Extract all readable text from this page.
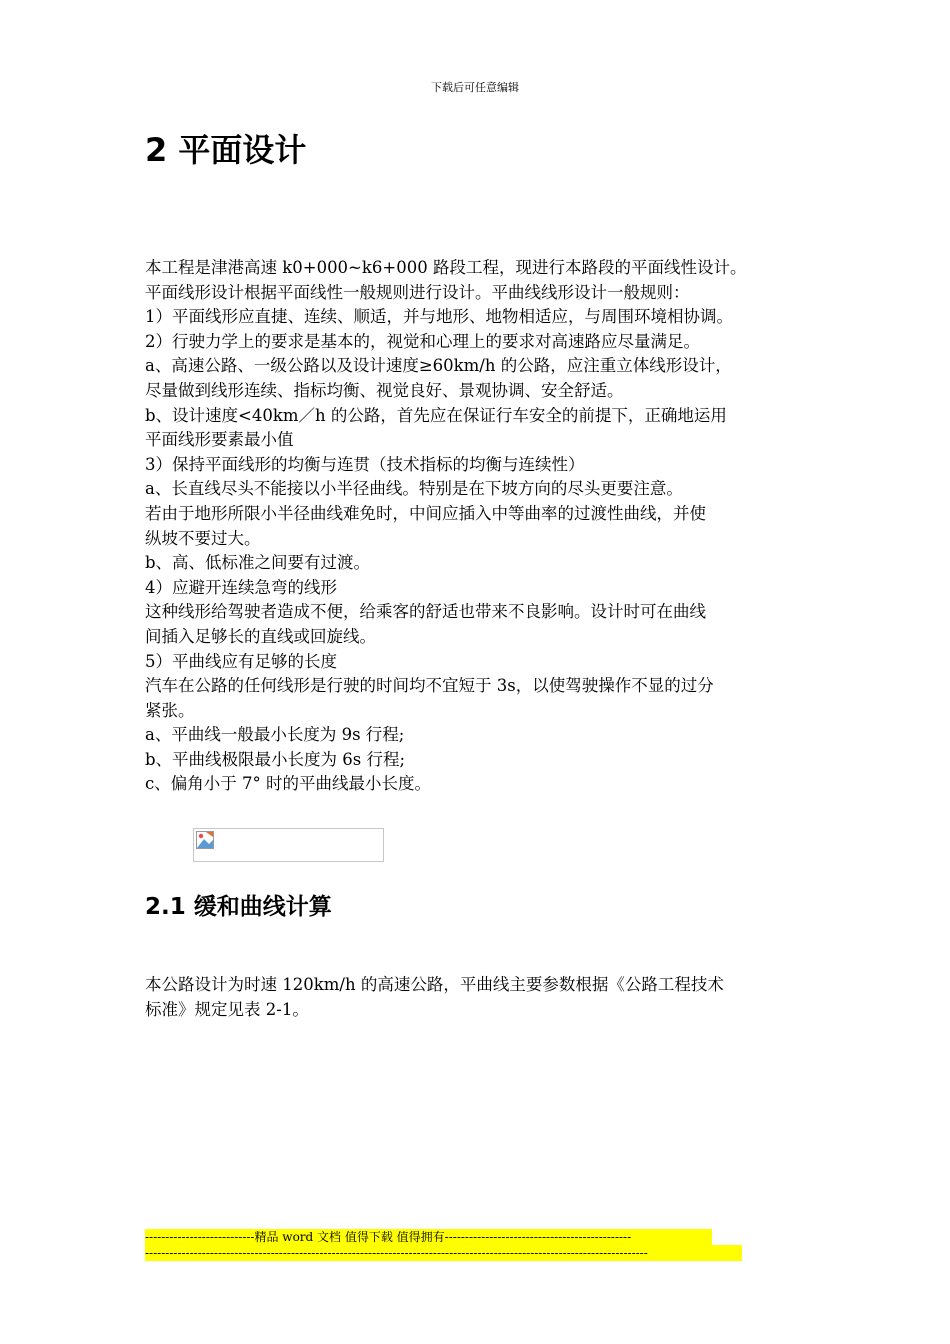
下载后可任意编辑
2 平面设计

本工程是津港高速 k0+000~k6+000 路段工程，现进行本路段的平面线性设计。

平面线形设计根据平面线性一般规则进行设计。平曲线线形设计一般规则：

1）平面线形应直捷、连续、顺适，并与地形、地物相适应，与周围环境相协调。

2）行驶力学上的要求是基本的，视觉和心理上的要求对高速路应尽量满足。

a、高速公路、一级公路以及设计速度≥60km/h 的公路，应注重立体线形设计，

尽量做到线形连续、指标均衡、视觉良好、景观协调、安全舒适。

b、设计速度<40km／h 的公路，首先应在保证行车安全的前提下，正确地运用

平面线形要素最小值

3）保持平面线形的均衡与连贯（技术指标的均衡与连续性）

a、长直线尽头不能接以小半径曲线。特别是在下坡方向的尽头更要注意。

若由于地形所限小半径曲线难免时，中间应插入中等曲率的过渡性曲线，并使

纵坡不要过大。

b、高、低标准之间要有过渡。

4）应避开连续急弯的线形

这种线形给驾驶者造成不便，给乘客的舒适也带来不良影响。设计时可在曲线

间插入足够长的直线或回旋线。

5）平曲线应有足够的长度

汽车在公路的任何线形是行驶的时间均不宜短于 3s，以使驾驶操作不显的过分

紧张。

a、平曲线一般最小长度为 9s 行程;

b、平曲线极限最小长度为 6s 行程;

c、偏角小于 7° 时的平曲线最小长度。

2.1 缓和曲线计算

本公路设计为时速 120km/h 的高速公路，平曲线主要参数根据《公路工程技术

标准》规定见表 2-1。

---------------------------精品 word 文档 值得下载 值得拥有----------------------------------------------
----------------------------------------------------------------------------------------------------------------------------
